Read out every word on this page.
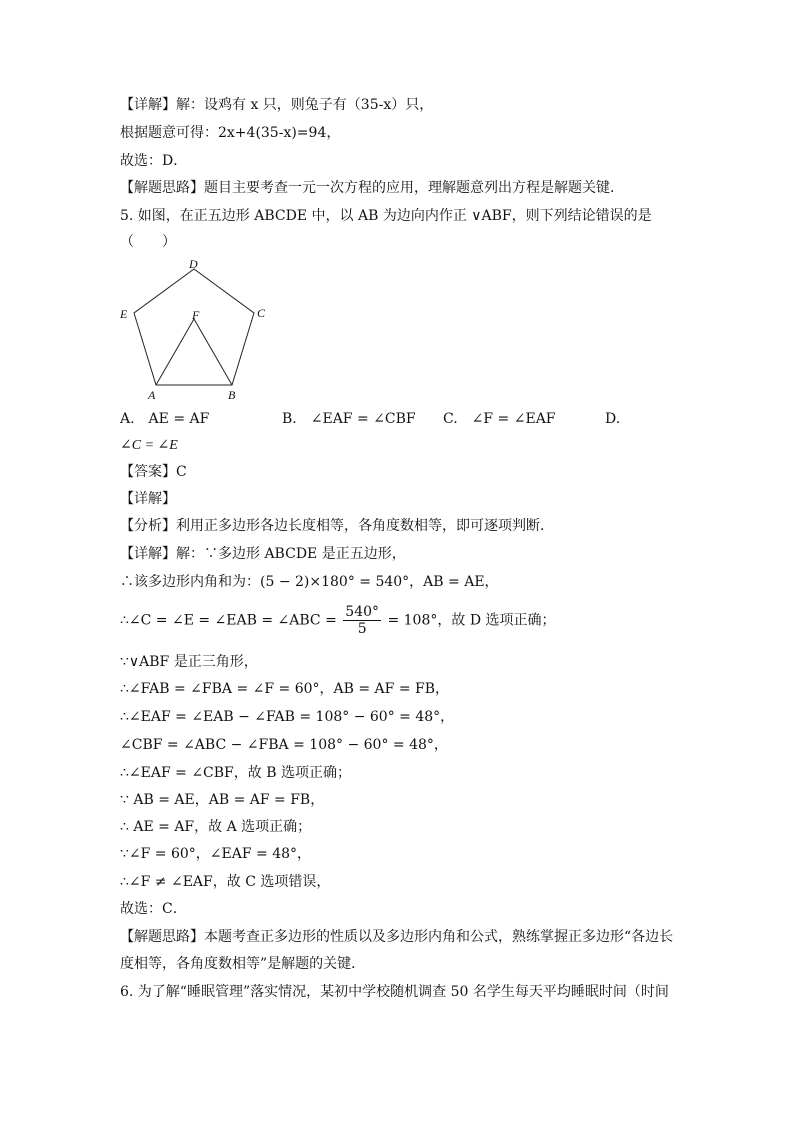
【详解】解：设鸡有 x 只，则兔子有（35-x）只，
根据题意可得：2x+4(35-x)=94，
故选：D．
【解题思路】题目主要考查一元一次方程的应用，理解题意列出方程是解题关键．
5. 如图，在正五边形 ABCDE 中，以 AB 为边向内作正 ∨ABF，则下列结论错误的是
（　　）
A	B
C
D
E	F
A.　AE = AF	B.　∠EAF = ∠CBF C.　∠F = ∠EAF	D.
∠C = ∠E
【答案】C
【详解】
【分析】利用正多边形各边长度相等，各角度数相等，即可逐项判断．
【详解】解：∵多边形 ABCDE 是正五边形，
∴该多边形内角和为：(5 − 2)×180° = 540°，AB = AE，
∴∠C = ∠E = ∠EAB = ∠ABC = $\frac{540^\circ}{5} = 108^\circ$，故 D 选项正确；
∵∨ABF 是正三角形，
∴∠FAB = ∠FBA = ∠F = 60°，AB = AF = FB，
∴∠EAF = ∠EAB − ∠FAB = 108° − 60° = 48°，
∠CBF = ∠ABC − ∠FBA = 108° − 60° = 48°，
∴∠EAF = ∠CBF，故 B 选项正确；
∵ AB = AE，AB = AF = FB，
∴ AE = AF，故 A 选项正确；
∵∠F = 60°，∠EAF = 48°，
∴∠F ≠ ∠EAF，故 C 选项错误，
故选：C．
【解题思路】本题考查正多边形的性质以及多边形内角和公式，熟练掌握正多边形“各边长
度相等，各角度数相等”是解题的关键．
6. 为了解“睡眠管理”落实情况，某初中学校随机调查 50 名学生每天平均睡眠时间（时间
